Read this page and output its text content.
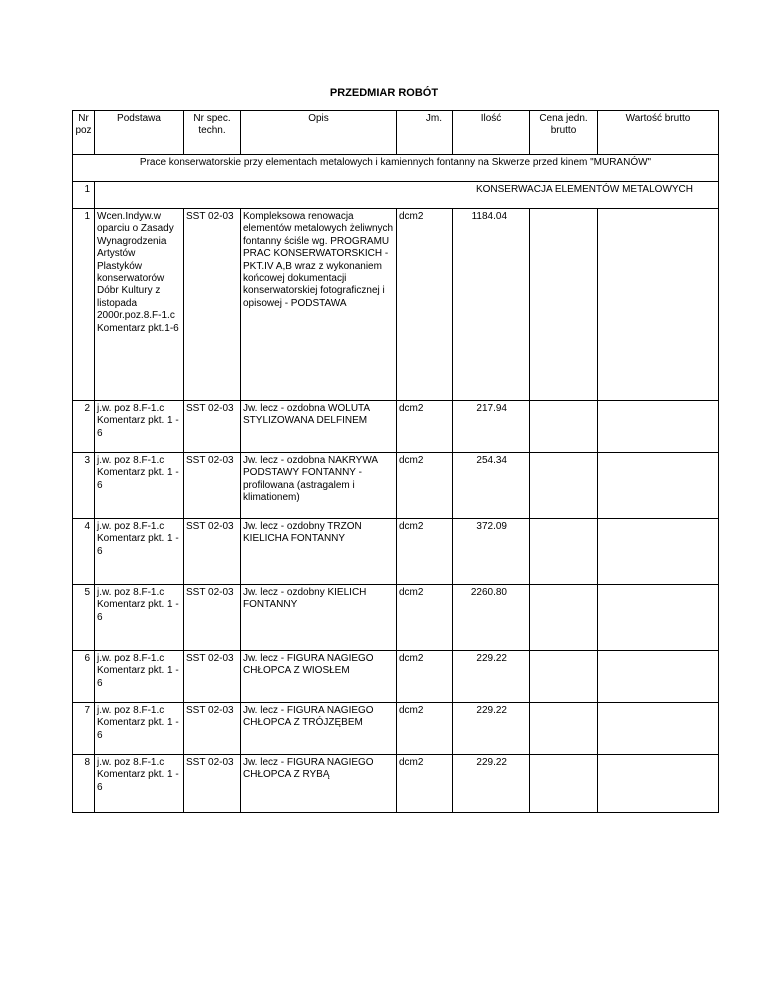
PRZEDMIAR ROBÓT
Nr poz	Podstawa	Nr spec. techn.	Opis	Jm.	Ilość	Cena jedn. brutto	Wartość brutto
Prace konserwatorskie przy elementach metalowych i kamiennych fontanny na Skwerze przed kinem "MURANÓW"							
1	KONSERWACJA ELEMENTÓW METALOWYCH						
1	Wcen.Indyw.w oparciu o Zasady Wynagrodzenia Artystów Plastyków konserwatorów Dóbr Kultury z listopada 2000r.poz.8.F-1.c Komentarz pkt.1-6	SST 02-03	Kompleksowa renowacja elementów metalowych żeliwnych fontanny ściśle wg. PROGRAMU PRAC KONSERWATORSKICH - PKT.IV A,B wraz z wykonaniem końcowej dokumentacji konserwatorskiej fotograficznej i opisowej - PODSTAWA	dcm2	1184.04		
2	j.w. poz 8.F-1.c Komentarz pkt. 1 - 6	SST 02-03	Jw. lecz - ozdobna WOLUTA STYLIZOWANA DELFINEM	dcm2	217.94		
3	j.w. poz 8.F-1.c Komentarz pkt. 1 - 6	SST 02-03	Jw. lecz - ozdobna NAKRYWA PODSTAWY FONTANNY - profilowana (astragalem i klimationem)	dcm2	254.34		
4	j.w. poz 8.F-1.c Komentarz pkt. 1 - 6	SST 02-03	Jw. lecz - ozdobny TRZON KIELICHA FONTANNY	dcm2	372.09		
5	j.w. poz 8.F-1.c Komentarz pkt. 1 - 6	SST 02-03	Jw. lecz - ozdobny KIELICH FONTANNY	dcm2	2260.80		
6	j.w. poz 8.F-1.c Komentarz pkt. 1 - 6	SST 02-03	Jw. lecz - FIGURA NAGIEGO CHŁOPCA Z WIOSŁEM	dcm2	229.22		
7	j.w. poz 8.F-1.c Komentarz pkt. 1 - 6	SST 02-03	Jw. lecz - FIGURA NAGIEGO CHŁOPCA Z TRÓJZĘBEM	dcm2	229.22		
8	j.w. poz 8.F-1.c Komentarz pkt. 1 - 6	SST 02-03	Jw. lecz - FIGURA NAGIEGO CHŁOPCA Z RYBĄ	dcm2	229.22		
